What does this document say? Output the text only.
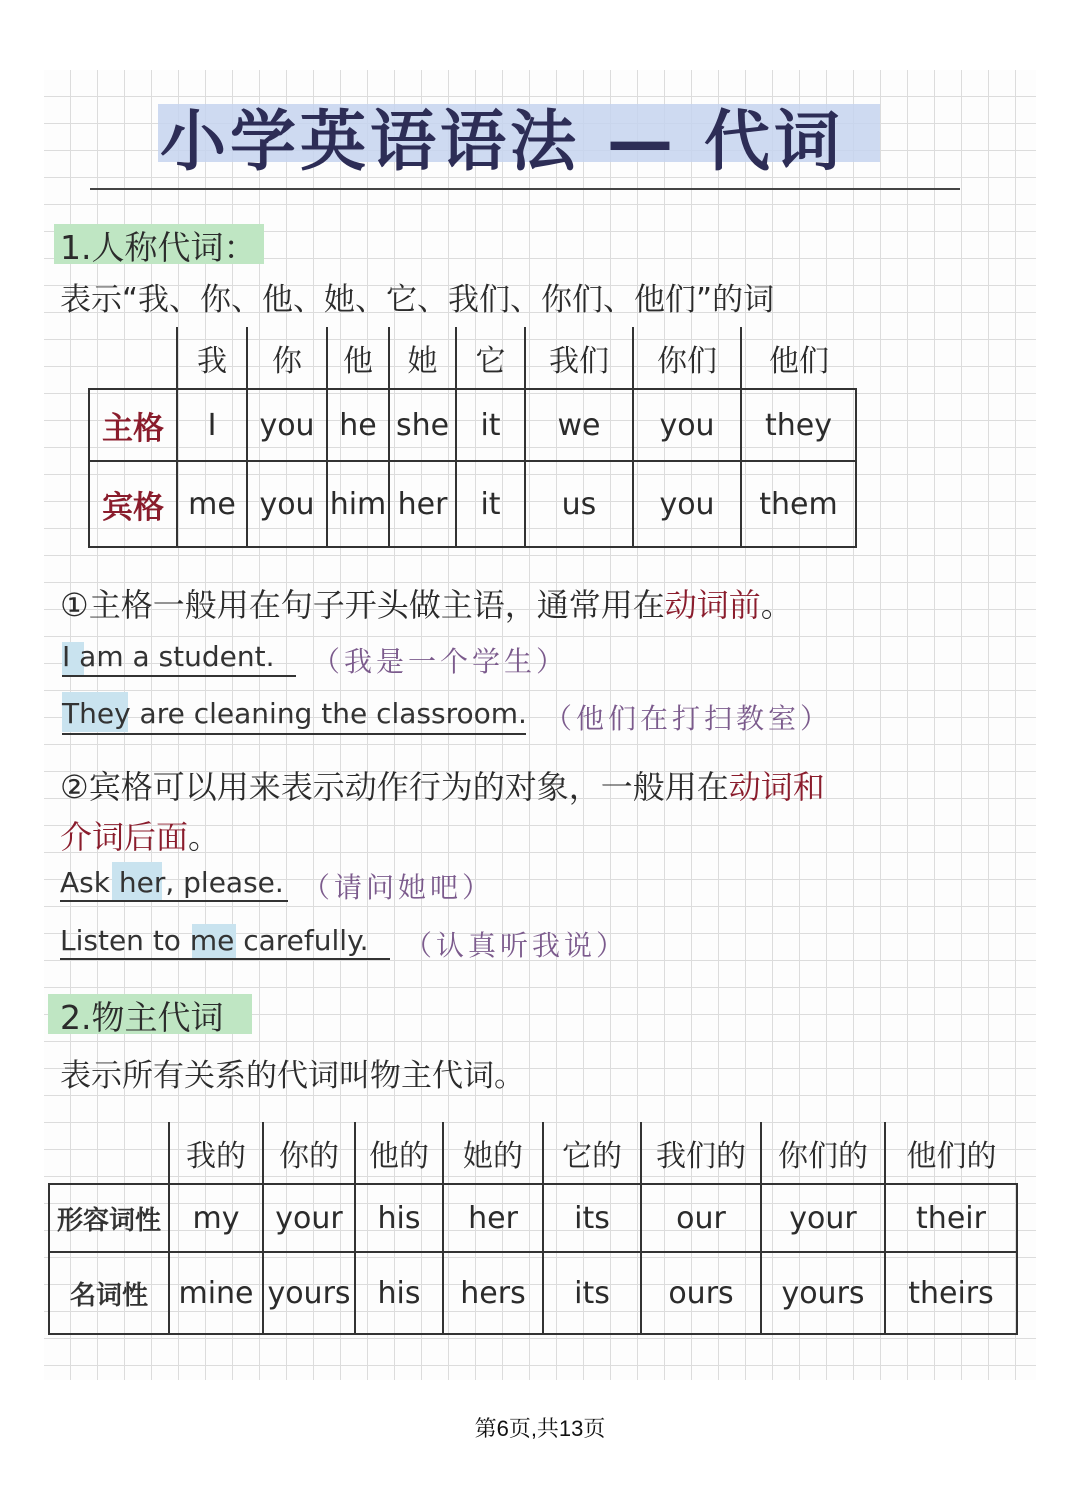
小学英语语法 — 代词
1.人称代词：
表示“我、你、他、她、它、我们、你们、他们”的词
	我	你	他	她	它	我们	你们	他们
主格	I	you	he	she	it	we	you	they
宾格	me	you	him	her	it	us	you	them
①主格一般用在句子开头做主语，通常用在动词前。
I am a student. （我是一个学生）
They are cleaning the classroom. （他们在打扫教室）
②宾格可以用来表示动作行为的对象，一般用在动词和
介词后面。
Ask her, please. （请问她吧）
Listen to me carefully. （认真听我说）
2.物主代词
表示所有关系的代词叫物主代词。
	我的	你的	他的	她的	它的	我们的	你们的	他们的
形容词性	my	your	his	her	its	our	your	their
名词性	mine	yours	his	hers	its	ours	yours	theirs
第6页,共13页
